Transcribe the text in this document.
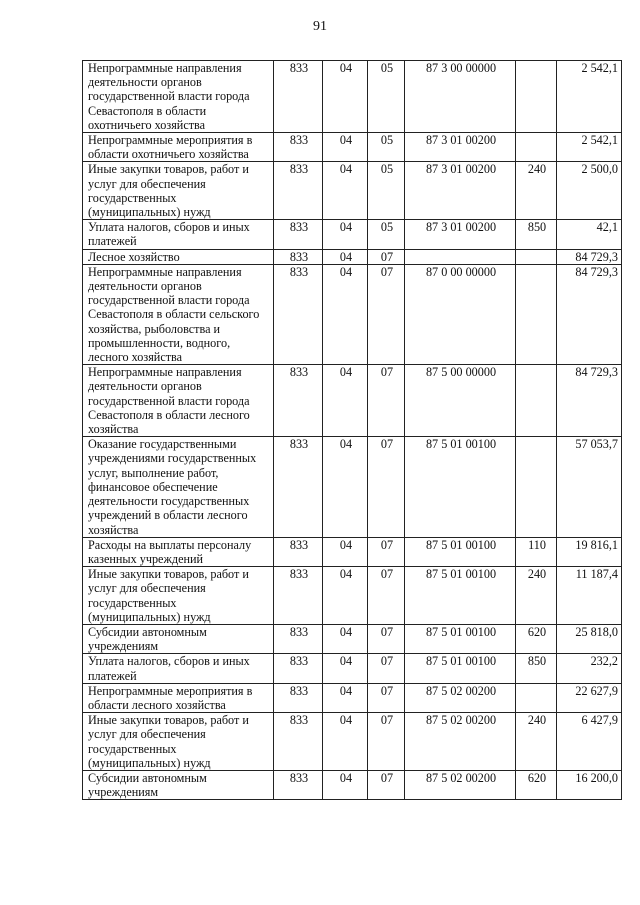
91
Непрограммные направления деятельности органов государственной власти города Севастополя в области охотничьего хозяйства	833	04	05	87 3 00 00000		2 542,1
Непрограммные мероприятия в области охотничьего хозяйства	833	04	05	87 3 01 00200		2 542,1
Иные закупки товаров, работ и услуг для обеспечения государственных (муниципальных) нужд	833	04	05	87 3 01 00200	240	2 500,0
Уплата налогов, сборов и иных платежей	833	04	05	87 3 01 00200	850	42,1
Лесное хозяйство	833	04	07			84 729,3
Непрограммные направления деятельности органов государственной власти города Севастополя в области сельского хозяйства, рыболовства и промышленности, водного, лесного хозяйства	833	04	07	87 0 00 00000		84 729,3
Непрограммные направления деятельности органов государственной власти города Севастополя в области лесного хозяйства	833	04	07	87 5 00 00000		84 729,3
Оказание государственными учреждениями государственных услуг, выполнение работ, финансовое обеспечение деятельности государственных учреждений в области лесного хозяйства	833	04	07	87 5 01 00100		57 053,7
Расходы на выплаты персоналу казенных учреждений	833	04	07	87 5 01 00100	110	19 816,1
Иные закупки товаров, работ и услуг для обеспечения государственных (муниципальных) нужд	833	04	07	87 5 01 00100	240	11 187,4
Субсидии автономным учреждениям	833	04	07	87 5 01 00100	620	25 818,0
Уплата налогов, сборов и иных платежей	833	04	07	87 5 01 00100	850	232,2
Непрограммные мероприятия в области лесного хозяйства	833	04	07	87 5 02 00200		22 627,9
Иные закупки товаров, работ и услуг для обеспечения государственных (муниципальных) нужд	833	04	07	87 5 02 00200	240	6 427,9
Субсидии автономным учреждениям	833	04	07	87 5 02 00200	620	16 200,0
